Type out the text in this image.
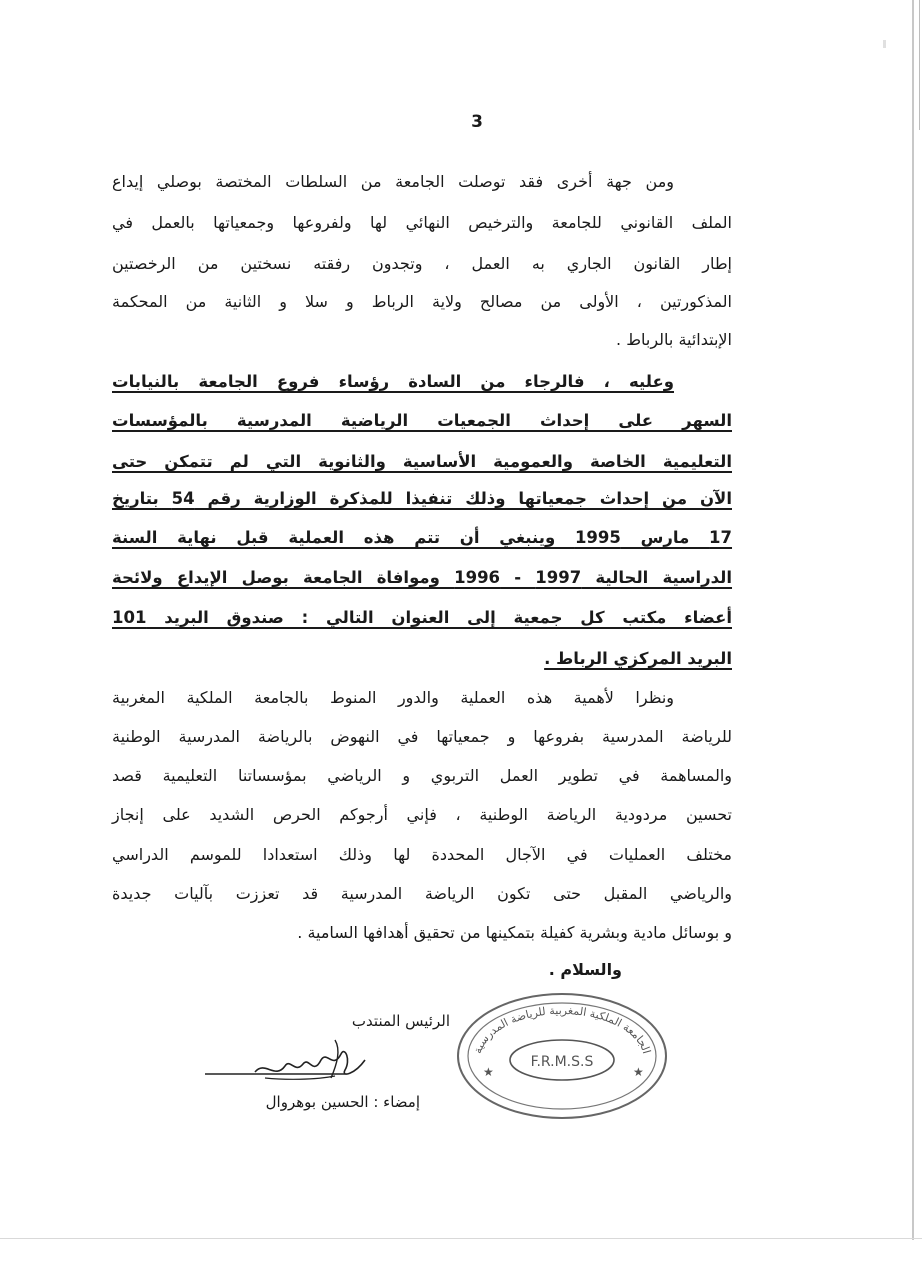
3
ومن جهة أخرى فقد توصلت الجامعة من السلطات المختصة بوصلي إيداع
الملف القانوني للجامعة والترخيص النهائي لها ولفروعها وجمعياتها بالعمل في
إطار القانون الجاري به العمل ، وتجدون رفقته نسختين من الرخصتين
المذكورتين ، الأولى من مصالح ولاية الرباط و سلا و الثانية من المحكمة
الإبتدائية بالرباط .
وعليه ، فالرجاء من السادة رؤساء فروع الجامعة بالنيابات
السهر على إحداث الجمعيات الرياضية المدرسية بالمؤسسات
التعليمية الخاصة والعمومية الأساسية والثانوية التي لم تتمكن حتى
الآن من إحداث جمعياتها وذلك تنفيذا للمذكرة الوزارية رقم 54 بتاريخ
17 مارس 1995 وينبغي أن تتم هذه العملية قبل نهاية السنة
الدراسية الحالية 1997 - 1996 وموافاة الجامعة بوصل الإيداع ولائحة
أعضاء مكتب كل جمعية إلى العنوان التالي : صندوق البريد 101
البريد المركزي الرباط .
ونظرا لأهمية هذه العملية والدور المنوط بالجامعة الملكية المغربية
للرياضة المدرسية بفروعها و جمعياتها في النهوض بالرياضة المدرسية الوطنية
والمساهمة في تطوير العمل التربوي و الرياضي بمؤسساتنا التعليمية قصد
تحسين مردودية الرياضة الوطنية ، فإني أرجوكم الحرص الشديد على إنجاز
مختلف العمليات في الآجال المحددة لها وذلك استعدادا للموسم الدراسي
والرياضي المقبل حتى تكون الرياضة المدرسية قد تعززت بآليات جديدة
و بوسائل مادية وبشرية كفيلة بتمكينها من تحقيق أهدافها السامية .
والسلام .
الرئيس المنتدب
إمضاء : الحسين بوهروال
F.R.M.S.S
الجامعة الملكية المغربية للرياضة المدرسية
★	★
